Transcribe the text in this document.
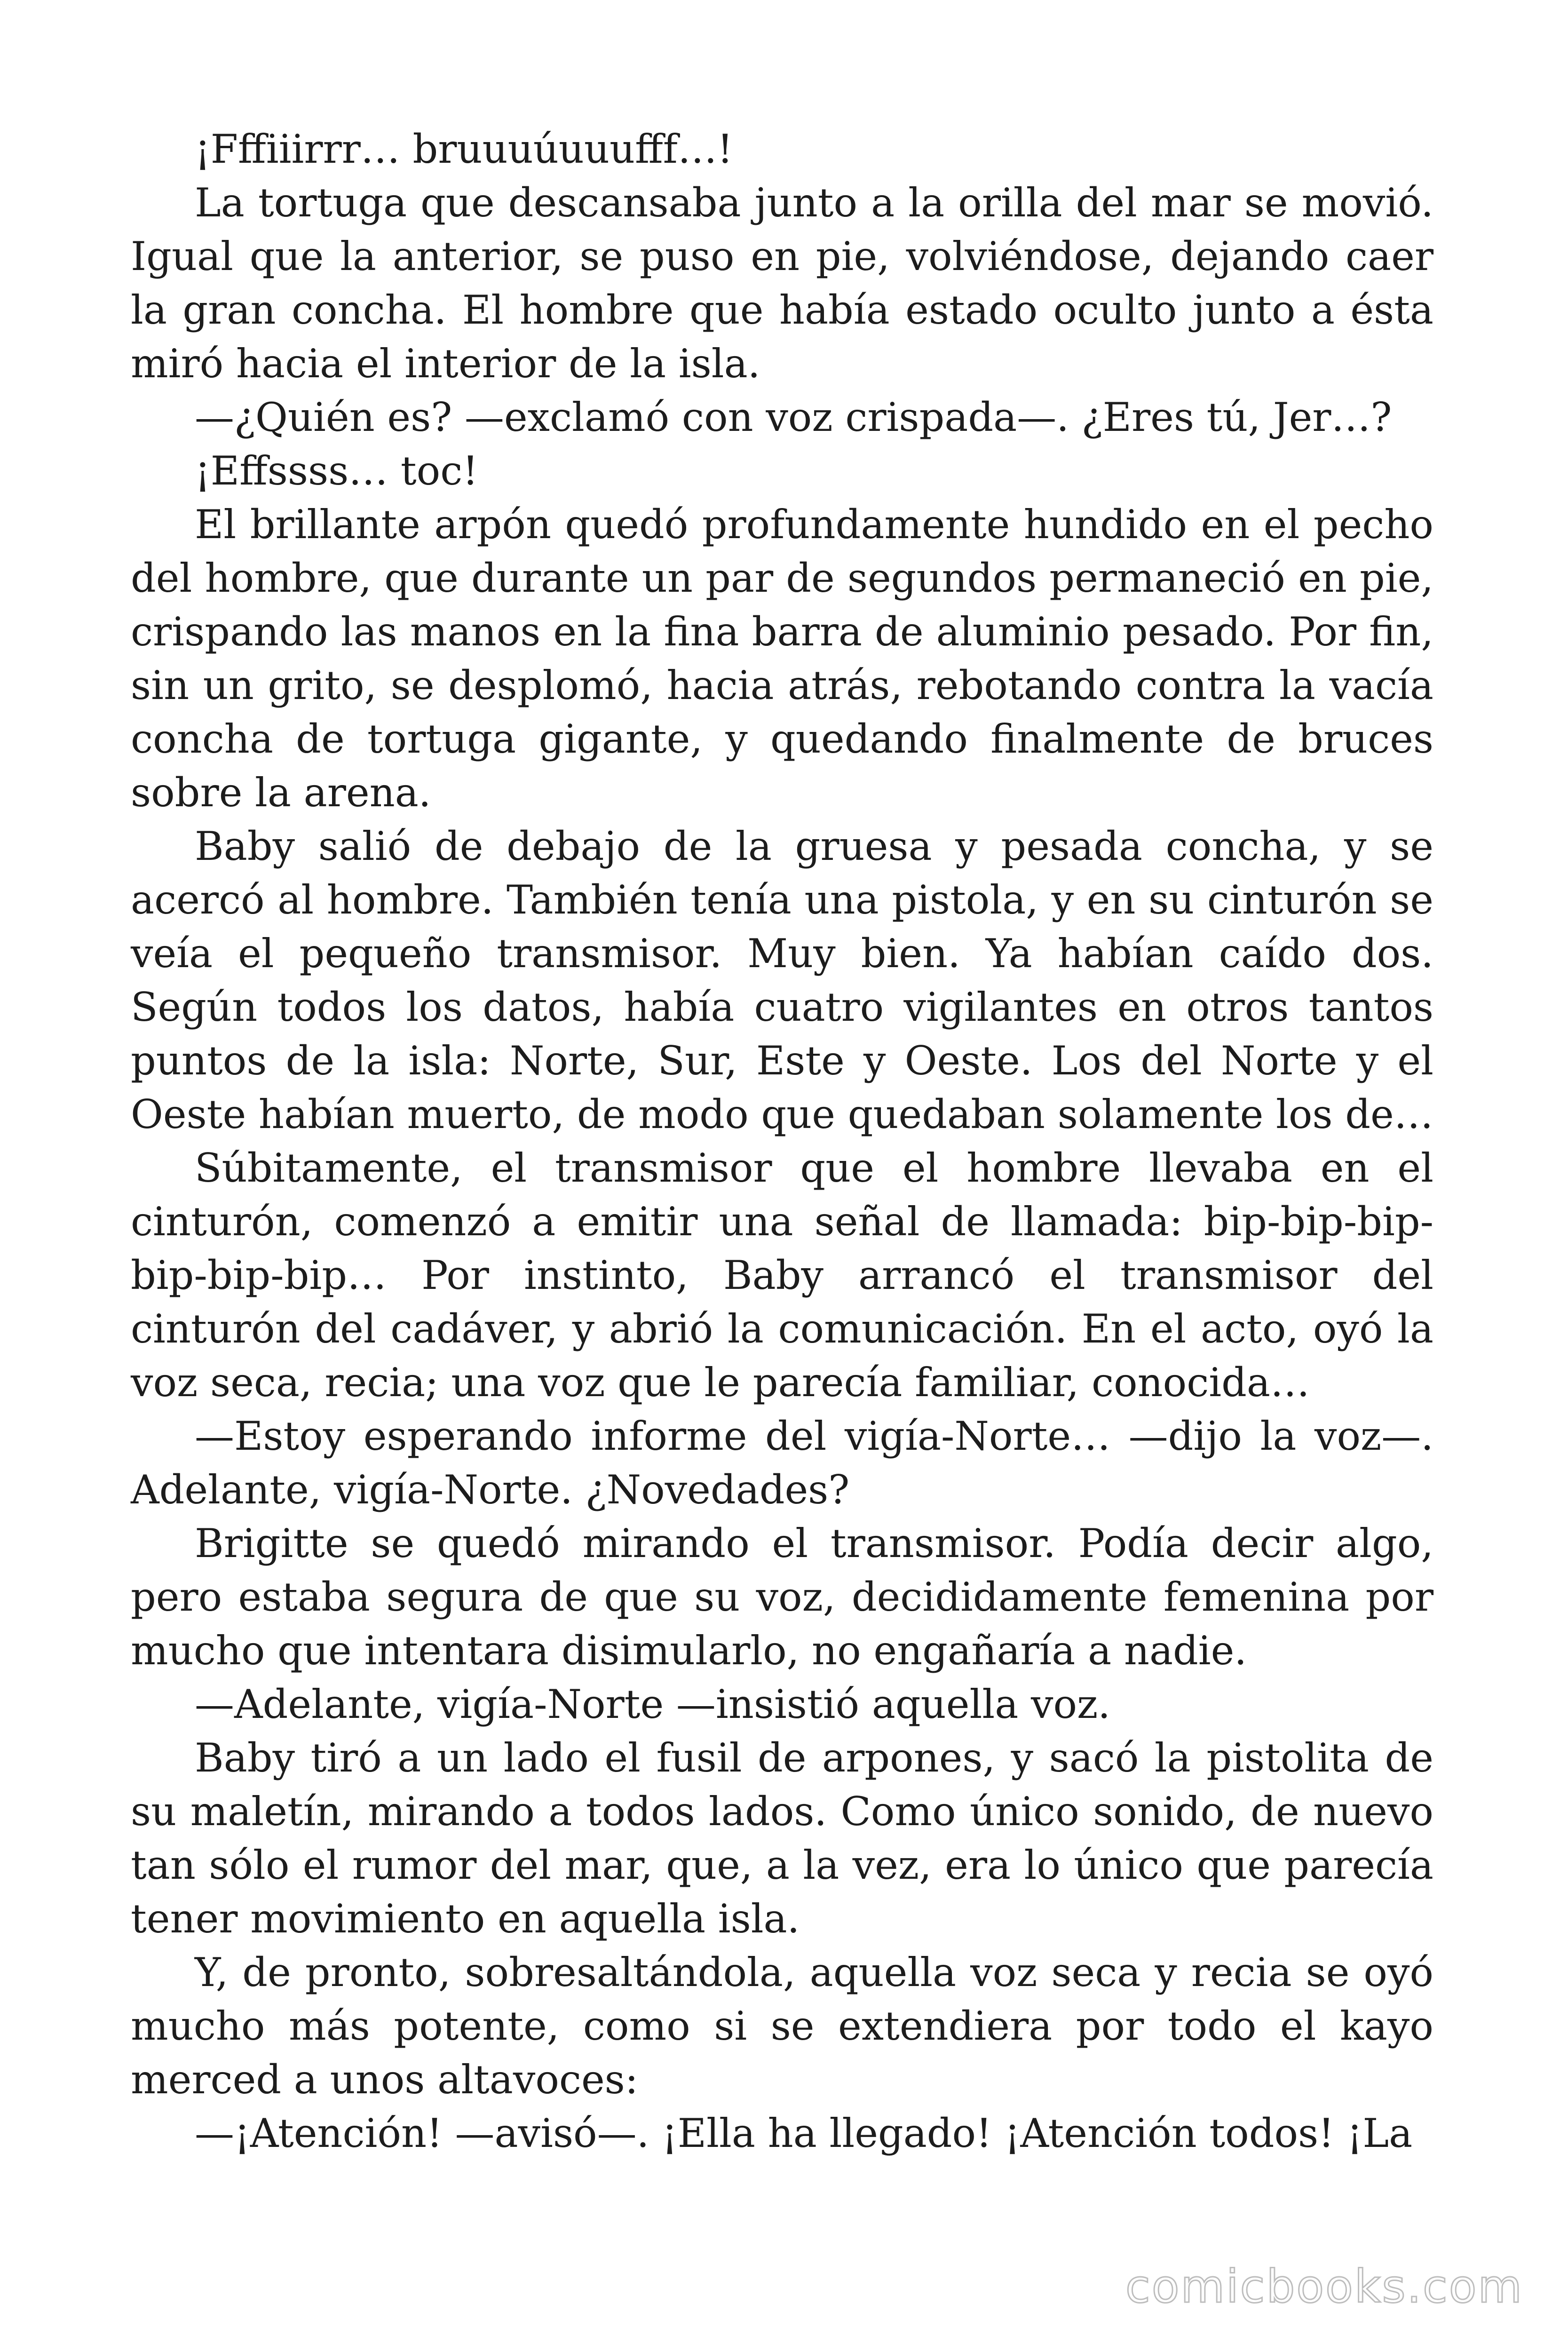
¡Fffiiirrr… bruuuúuuufff…!

La tortuga que descansaba junto a la orilla del mar se movió. Igual que la anterior, se puso en pie, volviéndose, dejando caer la gran concha. El hombre que había estado oculto junto a ésta miró hacia el interior de la isla.

—¿Quién es? —exclamó con voz crispada—. ¿Eres tú, Jer…?

¡Effssss… toc!

El brillante arpón quedó profundamente hundido en el pecho del hombre, que durante un par de segundos permaneció en pie, crispando las manos en la fina barra de aluminio pesado. Por fin, sin un grito, se desplomó, hacia atrás, rebotando contra la vacía concha de tortuga gigante, y quedando finalmente de bruces sobre la arena.

Baby salió de debajo de la gruesa y pesada concha, y se acercó al hombre. También tenía una pistola, y en su cinturón se veía el pequeño transmisor. Muy bien. Ya habían caído dos. Según todos los datos, había cuatro vigilantes en otros tantos puntos de la isla: Norte, Sur, Este y Oeste. Los del Norte y el Oeste habían muerto, de modo que quedaban solamente los de…

Súbitamente, el transmisor que el hombre llevaba en el cinturón, comenzó a emitir una señal de llamada: bip-bip-bip-bip-bip-bip… Por instinto, Baby arrancó el transmisor del cinturón del cadáver, y abrió la comunicación. En el acto, oyó la voz seca, recia; una voz que le parecía familiar, conocida…

—Estoy esperando informe del vigía-Norte… —dijo la voz—. Adelante, vigía-Norte. ¿Novedades?

Brigitte se quedó mirando el transmisor. Podía decir algo, pero estaba segura de que su voz, decididamente femenina por mucho que intentara disimularlo, no engañaría a nadie.

—Adelante, vigía-Norte —insistió aquella voz.

Baby tiró a un lado el fusil de arpones, y sacó la pistolita de su maletín, mirando a todos lados. Como único sonido, de nuevo tan sólo el rumor del mar, que, a la vez, era lo único que parecía tener movimiento en aquella isla.

Y, de pronto, sobresaltándola, aquella voz seca y recia se oyó mucho más potente, como si se extendiera por todo el kayo merced a unos altavoces:

—¡Atención! —avisó—. ¡Ella ha llegado! ¡Atención todos! ¡La

comicbooks.com
